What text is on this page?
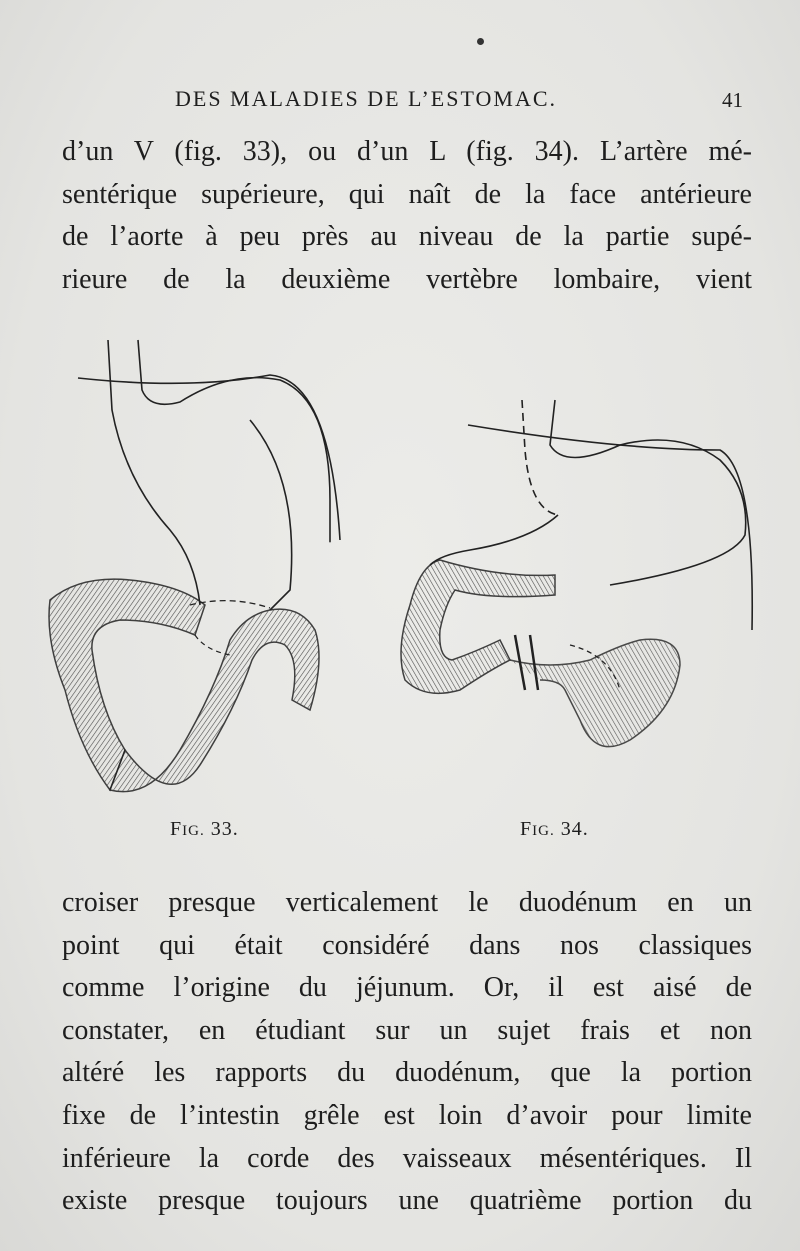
DES MALADIES DE L’ESTOMAC.	41

d’un V (fig. 33), ou d’un L (fig. 34). L’artère mé-
sentérique supérieure, qui naît de la face antérieure
de l’aorte à peu près au niveau de la partie supé-
rieure de la deuxième vertèbre lombaire, vient

FIG. 33.	FIG. 34.

croiser presque verticalement le duodénum en un
point qui était considéré dans nos classiques
comme l’origine du jéjunum. Or, il est aisé de
constater, en étudiant sur un sujet frais et non
altéré les rapports du duodénum, que la portion
fixe de l’intestin grêle est loin d’avoir pour limite
inférieure la corde des vaisseaux mésentériques. Il
existe presque toujours une quatrième portion du
